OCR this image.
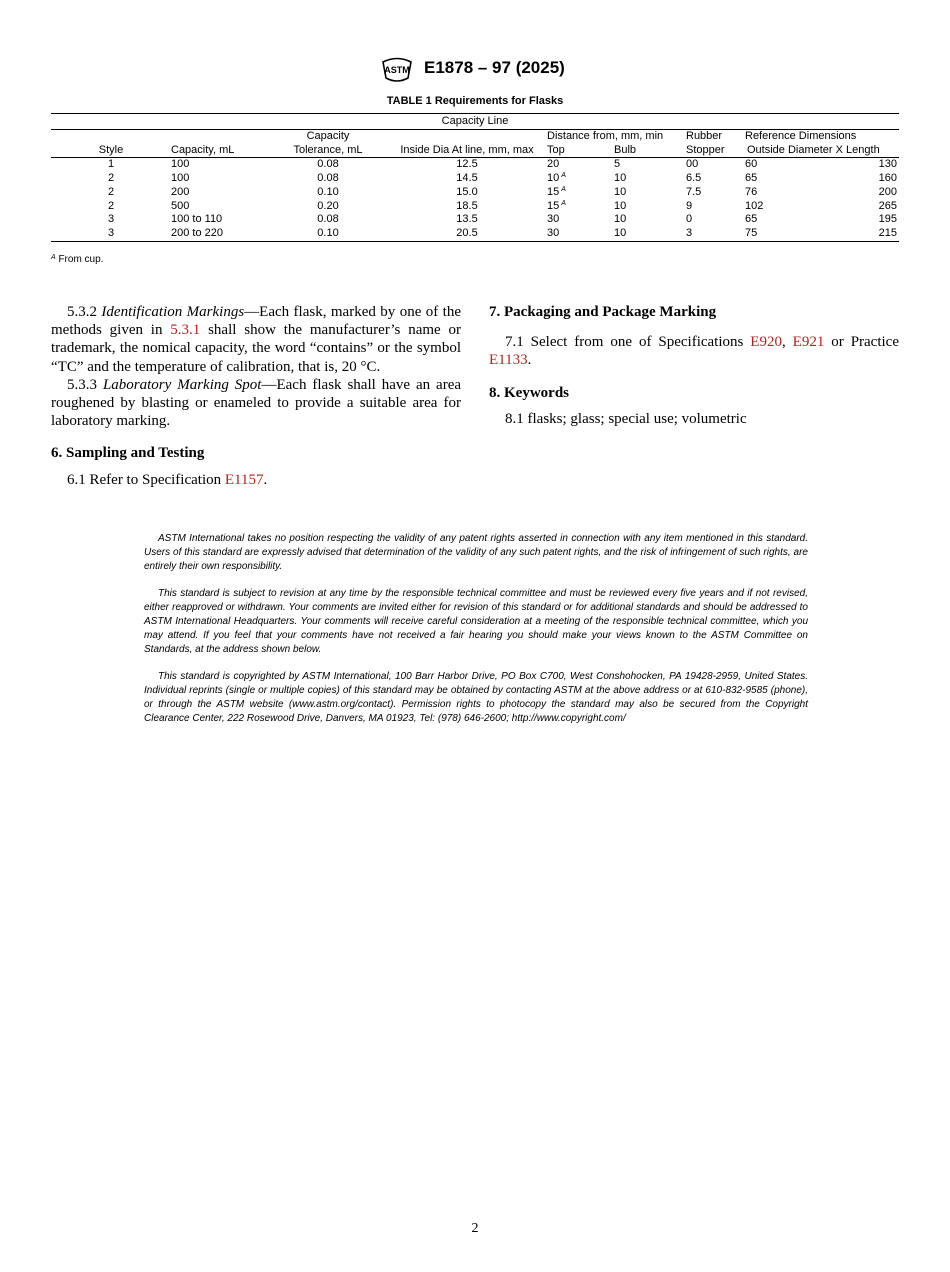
ASTM E1878 – 97 (2025)
TABLE 1 Requirements for Flasks
Capacity Line								
		Capacity		Distance from, mm, min		Rubber	Reference Dimensions	
Style	Capacity, mL	Tolerance, mL	Inside Dia At line, mm, max	Top	Bulb	Stopper	Outside Diameter X Length	
1	100	0.08	12.5	20	5	00	60	130
2	100	0.08	14.5	10 $^A$	10	6.5	65	160
2	200	0.10	15.0	15 $^A$	10	7.5	76	200
2	500	0.20	18.5	15 $^A$	10	9	102	265
3	100 to 110	0.08	13.5	30	10	0	65	195
3	200 to 220	0.10	20.5	30	10	3	75	215
$^A$ From cup.

5.3.2 Identification Markings—Each flask, marked by one of the methods given in 5.3.1 shall show the manufacturer’s name or trademark, the nomical capacity, the word “contains” or the symbol “TC” and the temperature of calibration, that is, 20 °C.

5.3.3 Laboratory Marking Spot—Each flask shall have an area roughened by blasting or enameled to provide a suitable area for laboratory marking.

6. Sampling and Testing

6.1 Refer to Specification E1157.

7. Packaging and Package Marking

7.1 Select from one of Specifications E920, E921 or Practice E1133.

8. Keywords

8.1 flasks; glass; special use; volumetric

ASTM International takes no position respecting the validity of any patent rights asserted in connection with any item mentioned in this standard. Users of this standard are expressly advised that determination of the validity of any such patent rights, and the risk of infringement of such rights, are entirely their own responsibility.

This standard is subject to revision at any time by the responsible technical committee and must be reviewed every five years and if not revised, either reapproved or withdrawn. Your comments are invited either for revision of this standard or for additional standards and should be addressed to ASTM International Headquarters. Your comments will receive careful consideration at a meeting of the responsible technical committee, which you may attend. If you feel that your comments have not received a fair hearing you should make your views known to the ASTM Committee on Standards, at the address shown below.

This standard is copyrighted by ASTM International, 100 Barr Harbor Drive, PO Box C700, West Conshohocken, PA 19428-2959, United States. Individual reprints (single or multiple copies) of this standard may be obtained by contacting ASTM at the above address or at 610-832-9585 (phone), or through the ASTM website (www.astm.org/contact). Permission rights to photocopy the standard may also be secured from the Copyright Clearance Center, 222 Rosewood Drive, Danvers, MA 01923, Tel: (978) 646-2600; http://www.copyright.com/

2
